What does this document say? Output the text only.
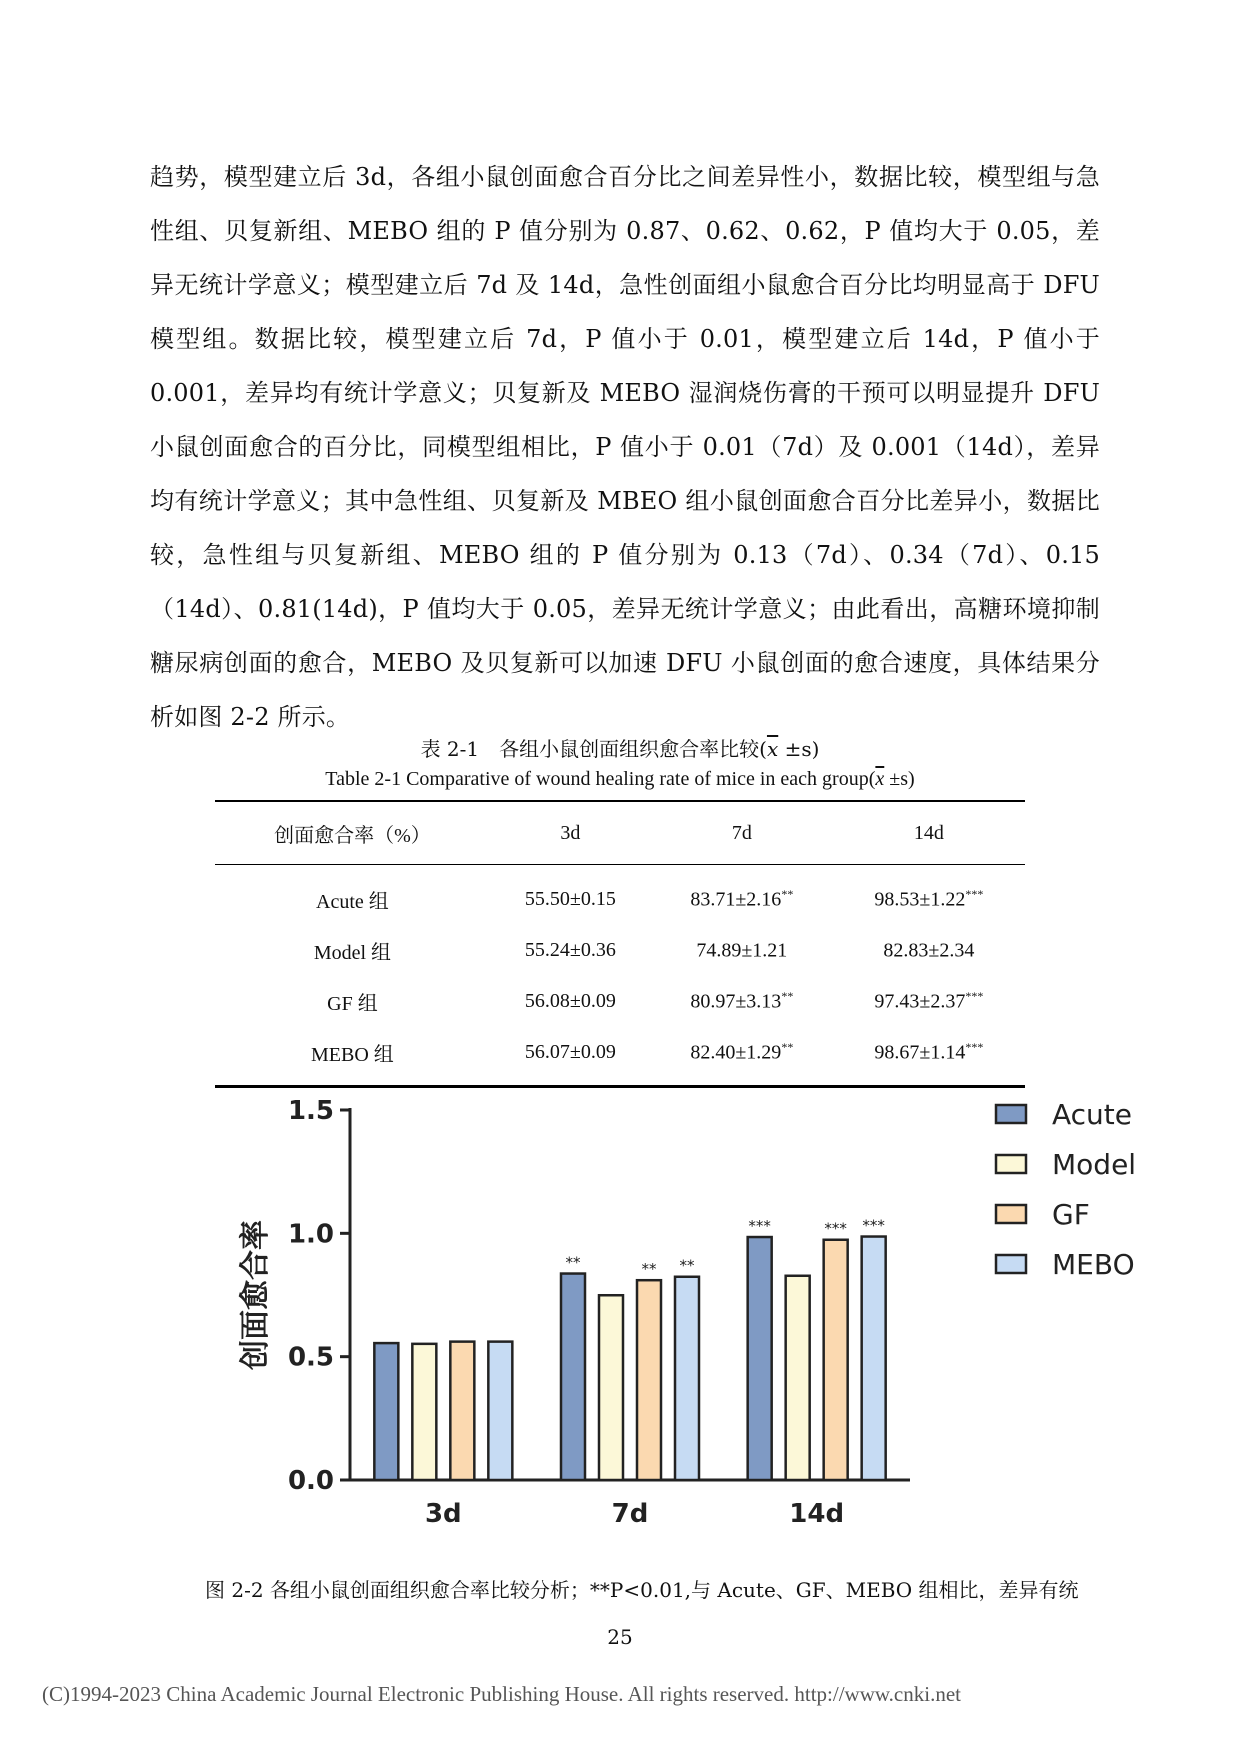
趋势，模型建立后 3d，各组小鼠创面愈合百分比之间差异性小，数据比较，模型组与急性组、贝复新组、MEBO 组的 P 值分别为 0.87、0.62、0.62，P 值均大于 0.05，差异无统计学意义；模型建立后 7d 及 14d，急性创面组小鼠愈合百分比均明显高于 DFU 模型组。数据比较，模型建立后 7d，P 值小于 0.01，模型建立后 14d，P 值小于 0.001，差异均有统计学意义；贝复新及 MEBO 湿润烧伤膏的干预可以明显提升 DFU 小鼠创面愈合的百分比，同模型组相比，P 值小于 0.01（7d）及 0.001（14d），差异均有统计学意义；其中急性组、贝复新及 MBEO 组小鼠创面愈合百分比差异小，数据比较，急性组与贝复新组、MEBO 组的 P 值分别为 0.13（7d）、0.34（7d）、0.15（14d）、0.81(14d)，P 值均大于 0.05，差异无统计学意义；由此看出，高糖环境抑制糖尿病创面的愈合，MEBO 及贝复新可以加速 DFU 小鼠创面的愈合速度，具体结果分析如图 2-2 所示。

表 2-1　各组小鼠创面组织愈合率比较$(\overline{x} \pm s)$
Table 2-1 Comparative of wound healing rate of mice in each $group(\overline{x} \pm s)$
创面愈合率（%）	3d	7d	14d
Acute 组	55.50±0.15	83.71±2.16**	98.53±1.22***
Model 组	55.24±0.36	74.89±1.21	82.83±2.34
GF 组	56.08±0.09	80.97±3.13**	97.43±2.37***
MEBO 组	56.07±0.09	82.40±1.29**	98.67±1.14***
0.0
0.5
1.0
1.5
创面愈合率
3d
**	** **
7d
***	*** ***
14d
Acute
Model
GF
MEBO
图 2-2 各组小鼠创面组织愈合率比较分析；**P<0.01,与 Acute、GF、MEBO 组相比，差异有统
25
(C)1994-2023 China Academic Journal Electronic Publishing House. All rights reserved. http://www.cnki.net
